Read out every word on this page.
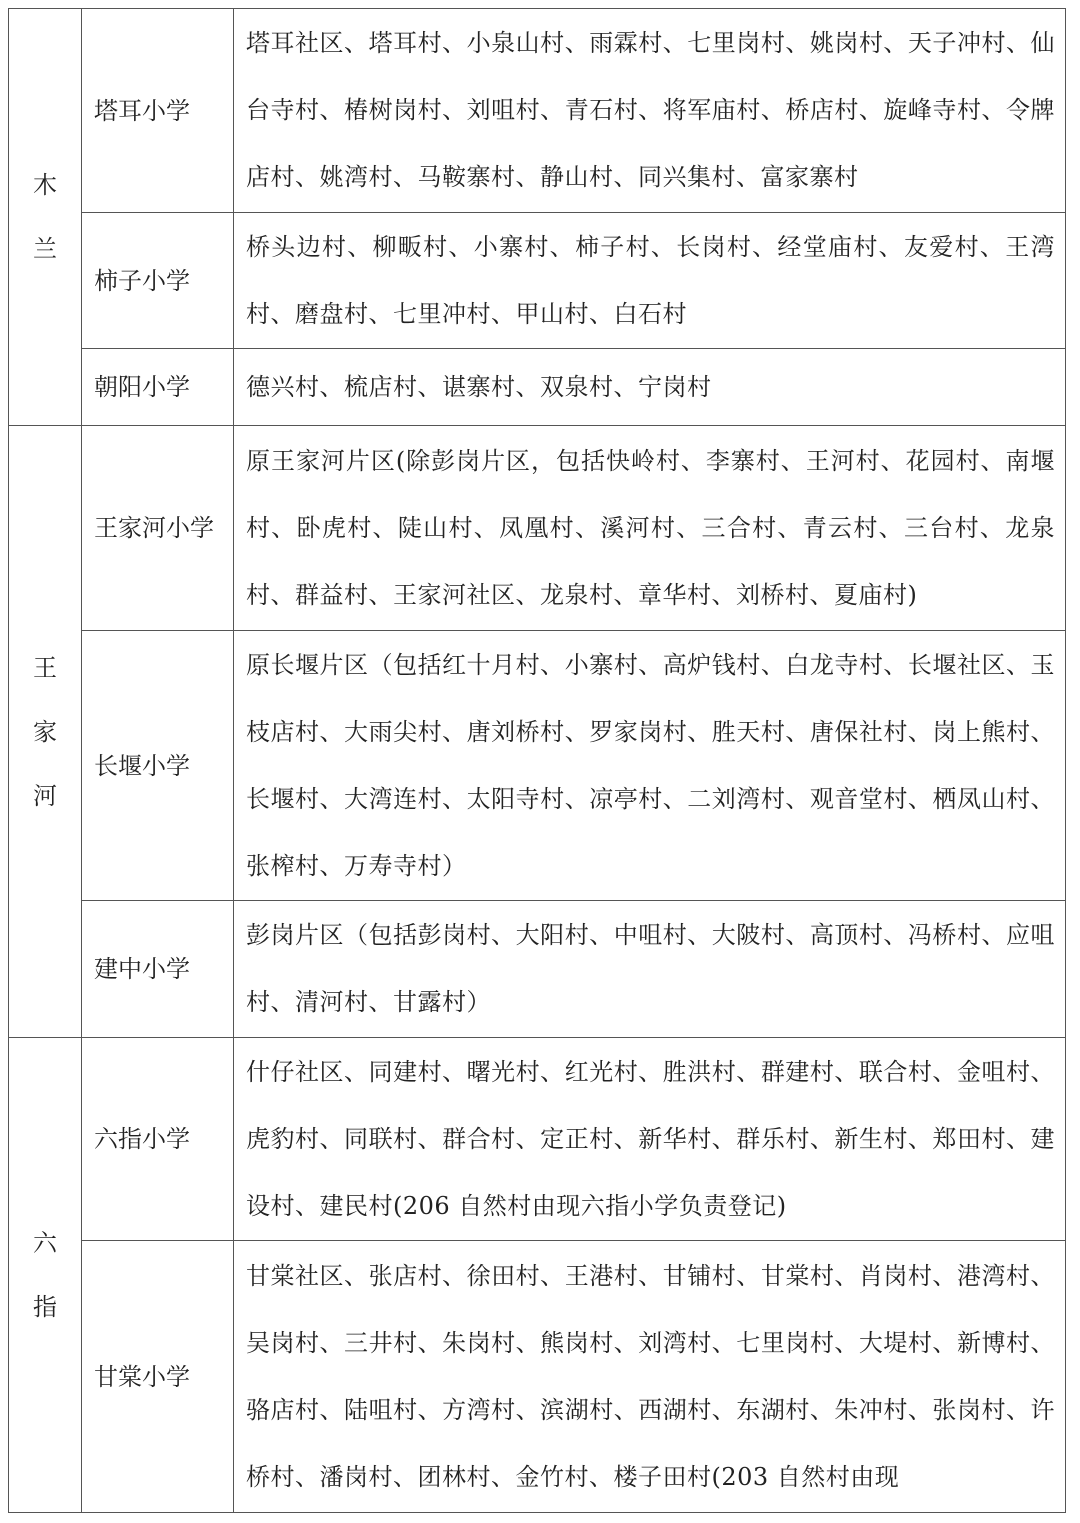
木
兰	塔耳小学	塔耳社区、塔耳村、小泉山村、雨霖村、七里岗村、姚岗村、天子冲村、仙台寺村、椿树岗村、刘咀村、青石村、将军庙村、桥店村、旋峰寺村、令牌店村、姚湾村、马鞍寨村、静山村、同兴集村、富家寨村
	柿子小学	桥头边村、柳畈村、小寨村、柿子村、长岗村、经堂庙村、友爱村、王湾村、磨盘村、七里冲村、甲山村、白石村
	朝阳小学	德兴村、梳店村、谌寨村、双泉村、宁岗村

王
家
河	王家河小学	原王家河片区(除彭岗片区，包括快岭村、李寨村、王河村、花园村、南堰村、卧虎村、陡山村、凤凰村、溪河村、三合村、青云村、三台村、龙泉村、群益村、王家河社区、龙泉村、章华村、刘桥村、夏庙村)
	长堰小学	原长堰片区（包括红十月村、小寨村、高炉钱村、白龙寺村、长堰社区、玉枝店村、大雨尖村、唐刘桥村、罗家岗村、胜天村、唐保社村、岗上熊村、长堰村、大湾连村、太阳寺村、凉亭村、二刘湾村、观音堂村、栖凤山村、张榨村、万寿寺村）
	建中小学	彭岗片区（包括彭岗村、大阳村、中咀村、大陂村、高顶村、冯桥村、应咀村、清河村、甘露村）

六
指	六指小学	什仔社区、同建村、曙光村、红光村、胜洪村、群建村、联合村、金咀村、虎豹村、同联村、群合村、定正村、新华村、群乐村、新生村、郑田村、建设村、建民村(206 自然村由现六指小学负责登记)
	甘棠小学	甘棠社区、张店村、徐田村、王港村、甘铺村、甘棠村、肖岗村、港湾村、吴岗村、三井村、朱岗村、熊岗村、刘湾村、七里岗村、大堤村、新博村、骆店村、陆咀村、方湾村、滨湖村、西湖村、东湖村、朱冲村、张岗村、许桥村、潘岗村、团林村、金竹村、楼子田村(203 自然村由现
